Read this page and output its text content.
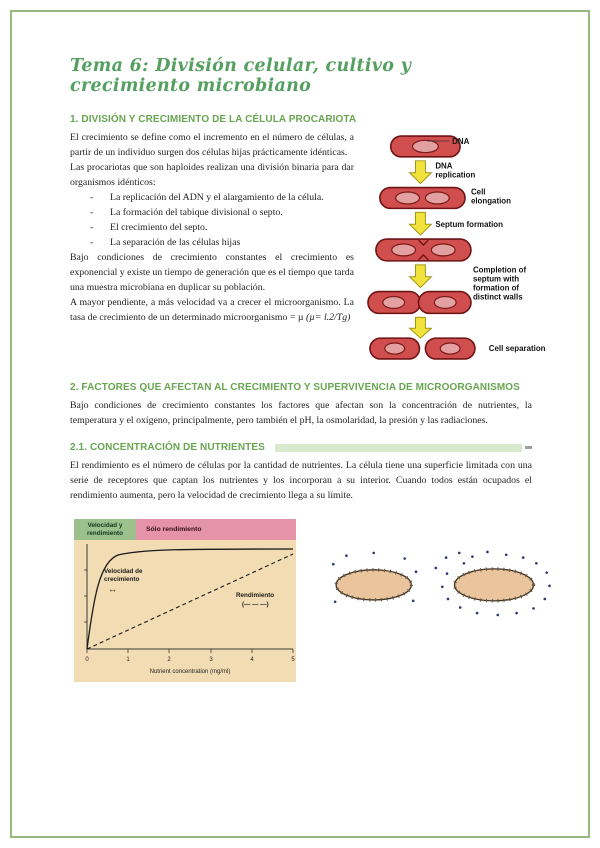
Tema 6: División celular, cultivo y crecimiento microbiano
1. DIVISIÓN Y CRECIMIENTO DE LA CÉLULA PROCARIOTA
DNA
DNA
replication
Cell
elongation
Septum formation
Completion of
septum with
formation of
distinct walls
Cell separation

El crecimiento se define como el incremento en el número de células, a partir de un individuo surgen dos células hijas prácticamente idénticas.

Las procariotas que son haploides realizan una división binaria para dar organismos idénticos:

- La replicación del ADN y el alargamiento de la célula.
- La formación del tabique divisional o septo.
- El crecimiento del septo.
- La separación de las células hijas

Bajo condiciones de crecimiento constantes el crecimiento es exponencial y existe un tiempo de generación que es el tiempo que tarda una muestra microbiana en duplicar su población.

A mayor pendiente, a más velocidad va a crecer el microorganismo. La tasa de crecimiento de un determinado microorganismo = µ (µ= l.2/Tg)

2. FACTORES QUE AFECTAN AL CRECIMIENTO Y SUPERVIVENCIA DE MICROORGANISMOS

Bajo condiciones de crecimiento constantes los factores que afectan son la concentración de nutrientes, la temperatura y el oxígeno, principalmente, pero también el pH, la osmolaridad, la presión y las radiaciones.

2.1. CONCENTRACIÓN DE NUTRIENTES

El rendimiento es el número de células por la cantidad de nutrientes. La célula tiene una superficie limitada con una serie de receptores que captan los nutrientes y los incorporan a su interior. Cuando todos están ocupados el rendimiento aumenta, pero la velocidad de crecimiento llega a su límite.

Velocidad y rendimiento	Sólo rendimiento
0	1	2	3	4	5
Nutrient concentration (mg/ml)
Velocidad de
crecimiento
↔
Rendimiento
(— — —)
